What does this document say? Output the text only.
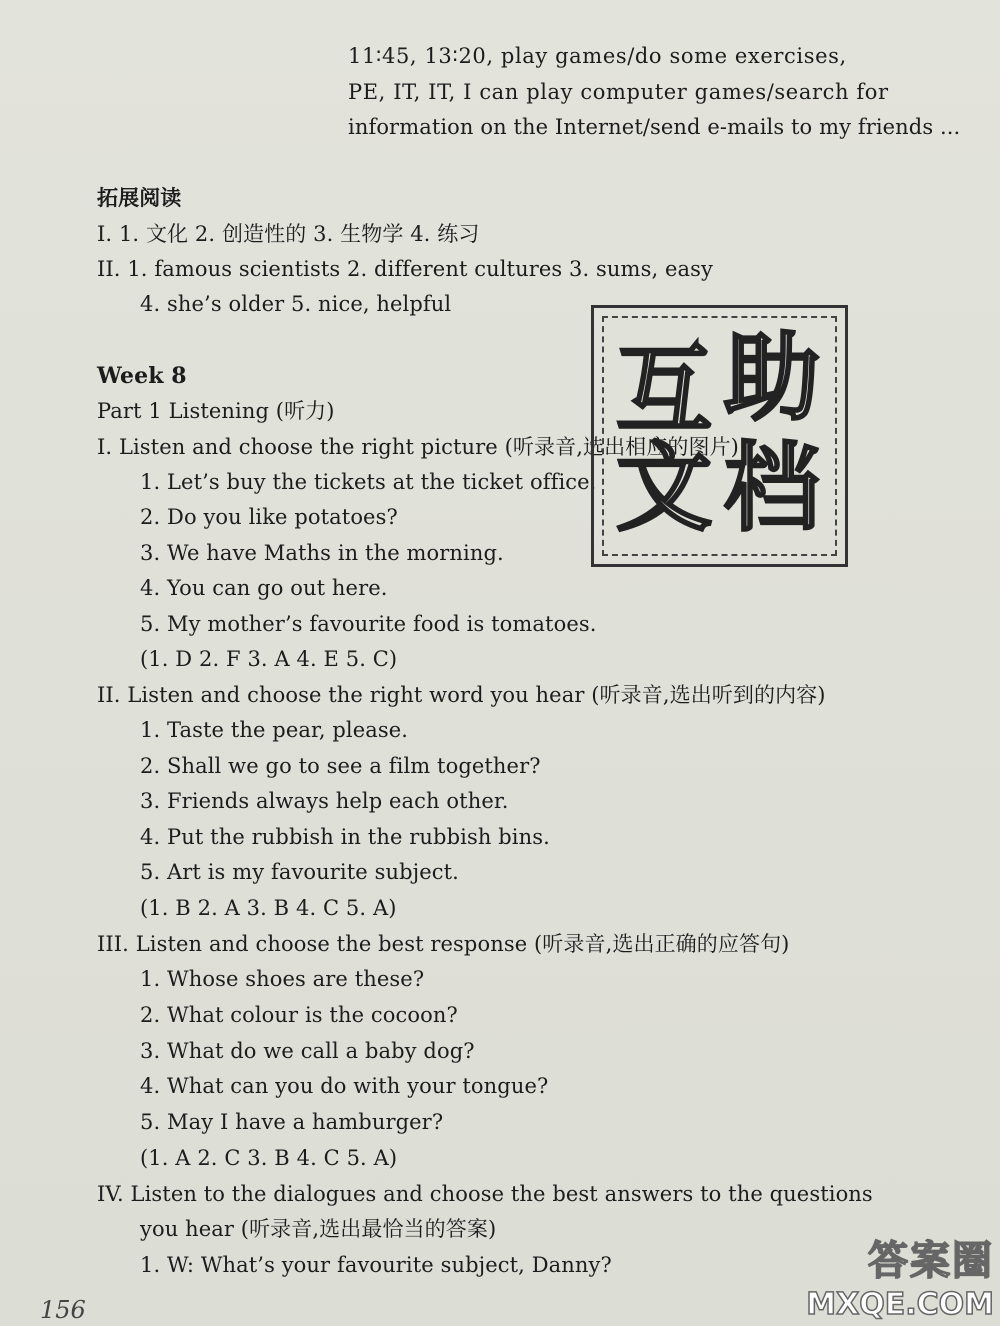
11∶45, 13∶20, play games/do some exercises,
PE, IT, IT, I can play computer games/search for
information on the Internet/send e-mails to my friends ...
拓展阅读
I. 1. 文化 2. 创造性的 3. 生物学 4. 练习
II. 1. famous scientists 2. different cultures 3. sums, easy
4. she’s older 5. nice, helpful
Week 8
Part 1 Listening (听力)
I. Listen and choose the right picture (听录音,选出相应的图片)
1. Let’s buy the tickets at the ticket office.
2. Do you like potatoes?
3. We have Maths in the morning.
4. You can go out here.
5. My mother’s favourite food is tomatoes.
(1. D 2. F 3. A 4. E 5. C)
II. Listen and choose the right word you hear (听录音,选出听到的内容)
1. Taste the pear, please.
2. Shall we go to see a film together?
3. Friends always help each other.
4. Put the rubbish in the rubbish bins.
5. Art is my favourite subject.
(1. B 2. A 3. B 4. C 5. A)
III. Listen and choose the best response (听录音,选出正确的应答句)
1. Whose shoes are these?
2. What colour is the cocoon?
3. What do we call a baby dog?
4. What can you do with your tongue?
5. May I have a hamburger?
(1. A 2. C 3. B 4. C 5. A)
IV. Listen to the dialogues and choose the best answers to the questions
you hear (听录音,选出最恰当的答案)
1. W: What’s your favourite subject, Danny?
互 助
文 档
156
答案圈
MXQE.COM
